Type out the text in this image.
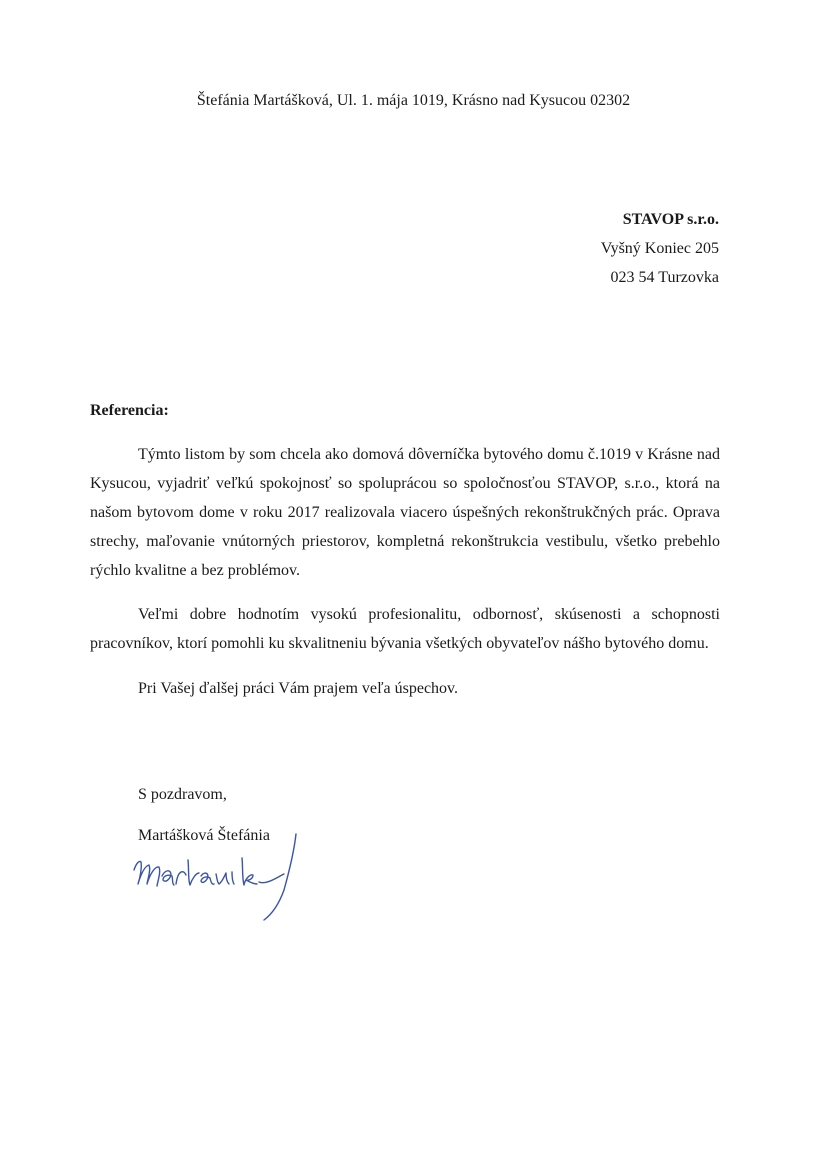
Štefánia Martášková, Ul. 1. mája 1019, Krásno nad Kysucou 02302
STAVOP s.r.o.
Vyšný Koniec 205
023 54 Turzovka
Referencia:

Týmto listom by som chcela ako domová dôverníčka bytového domu č.1019 v Krásne nad Kysucou, vyjadriť veľkú spokojnosť so spoluprácou so spoločnosťou STAVOP, s.r.o., ktorá na našom bytovom dome v roku 2017 realizovala viacero úspešných rekonštrukčných prác. Oprava strechy, maľovanie vnútorných priestorov, kompletná rekonštrukcia vestibulu, všetko prebehlo rýchlo kvalitne a bez problémov.

Veľmi dobre hodnotím vysokú profesionalitu, odbornosť, skúsenosti a schopnosti pracovníkov, ktorí pomohli ku skvalitneniu bývania všetkých obyvateľov nášho bytového domu.

Pri Vašej ďalšej práci Vám prajem veľa úspechov.

S pozdravom,
Martášková Štefánia
